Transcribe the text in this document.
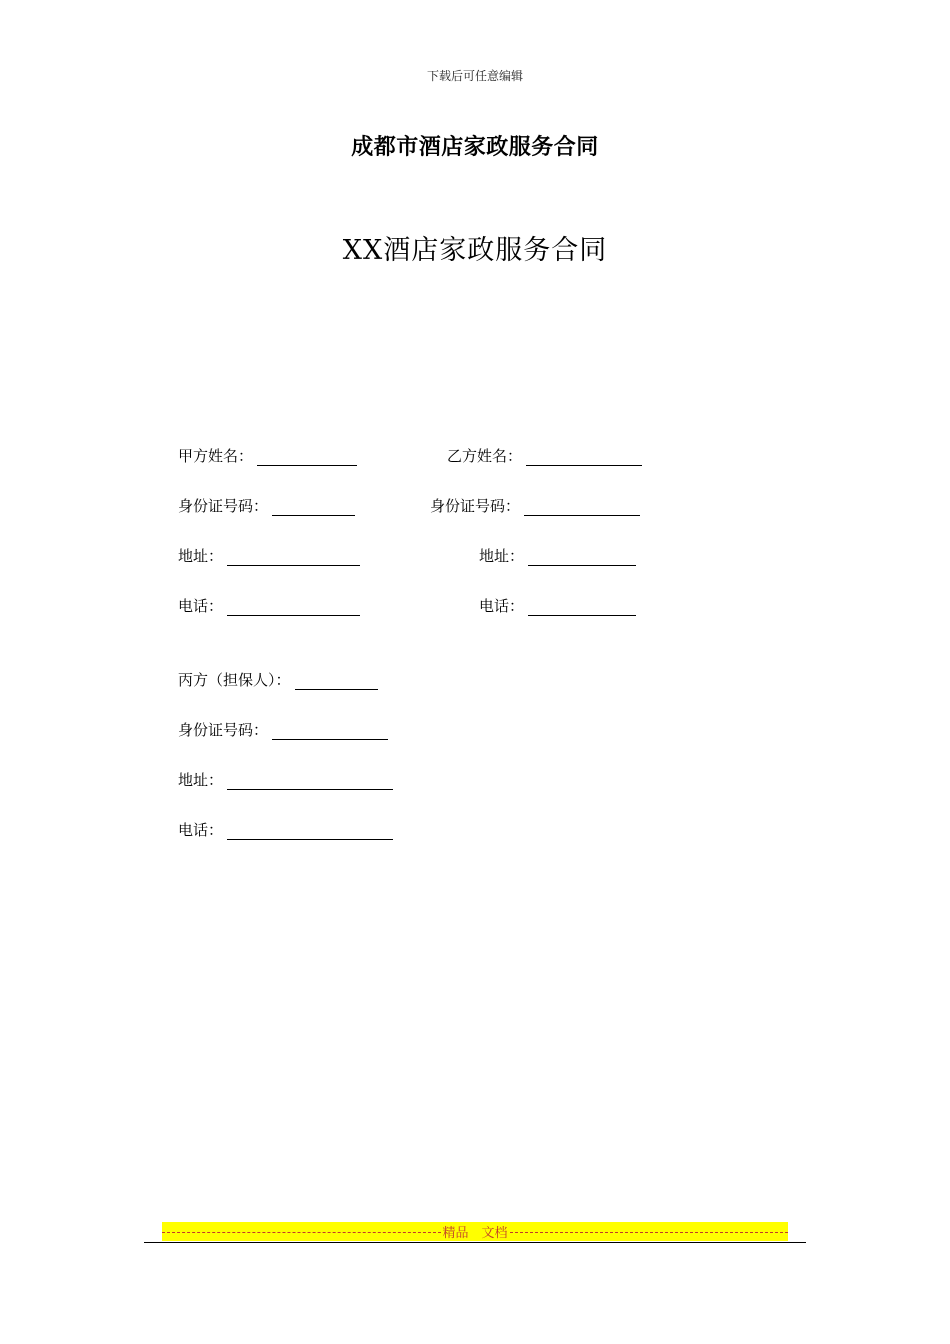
下载后可任意编辑
成都市酒店家政服务合同
XX酒店家政服务合同
甲方姓名：
身份证号码：
地址：
电话：
乙方姓名：
身份证号码：
地址：
电话：
丙方（担保人）：
身份证号码：
地址：
电话：
精品　文档
